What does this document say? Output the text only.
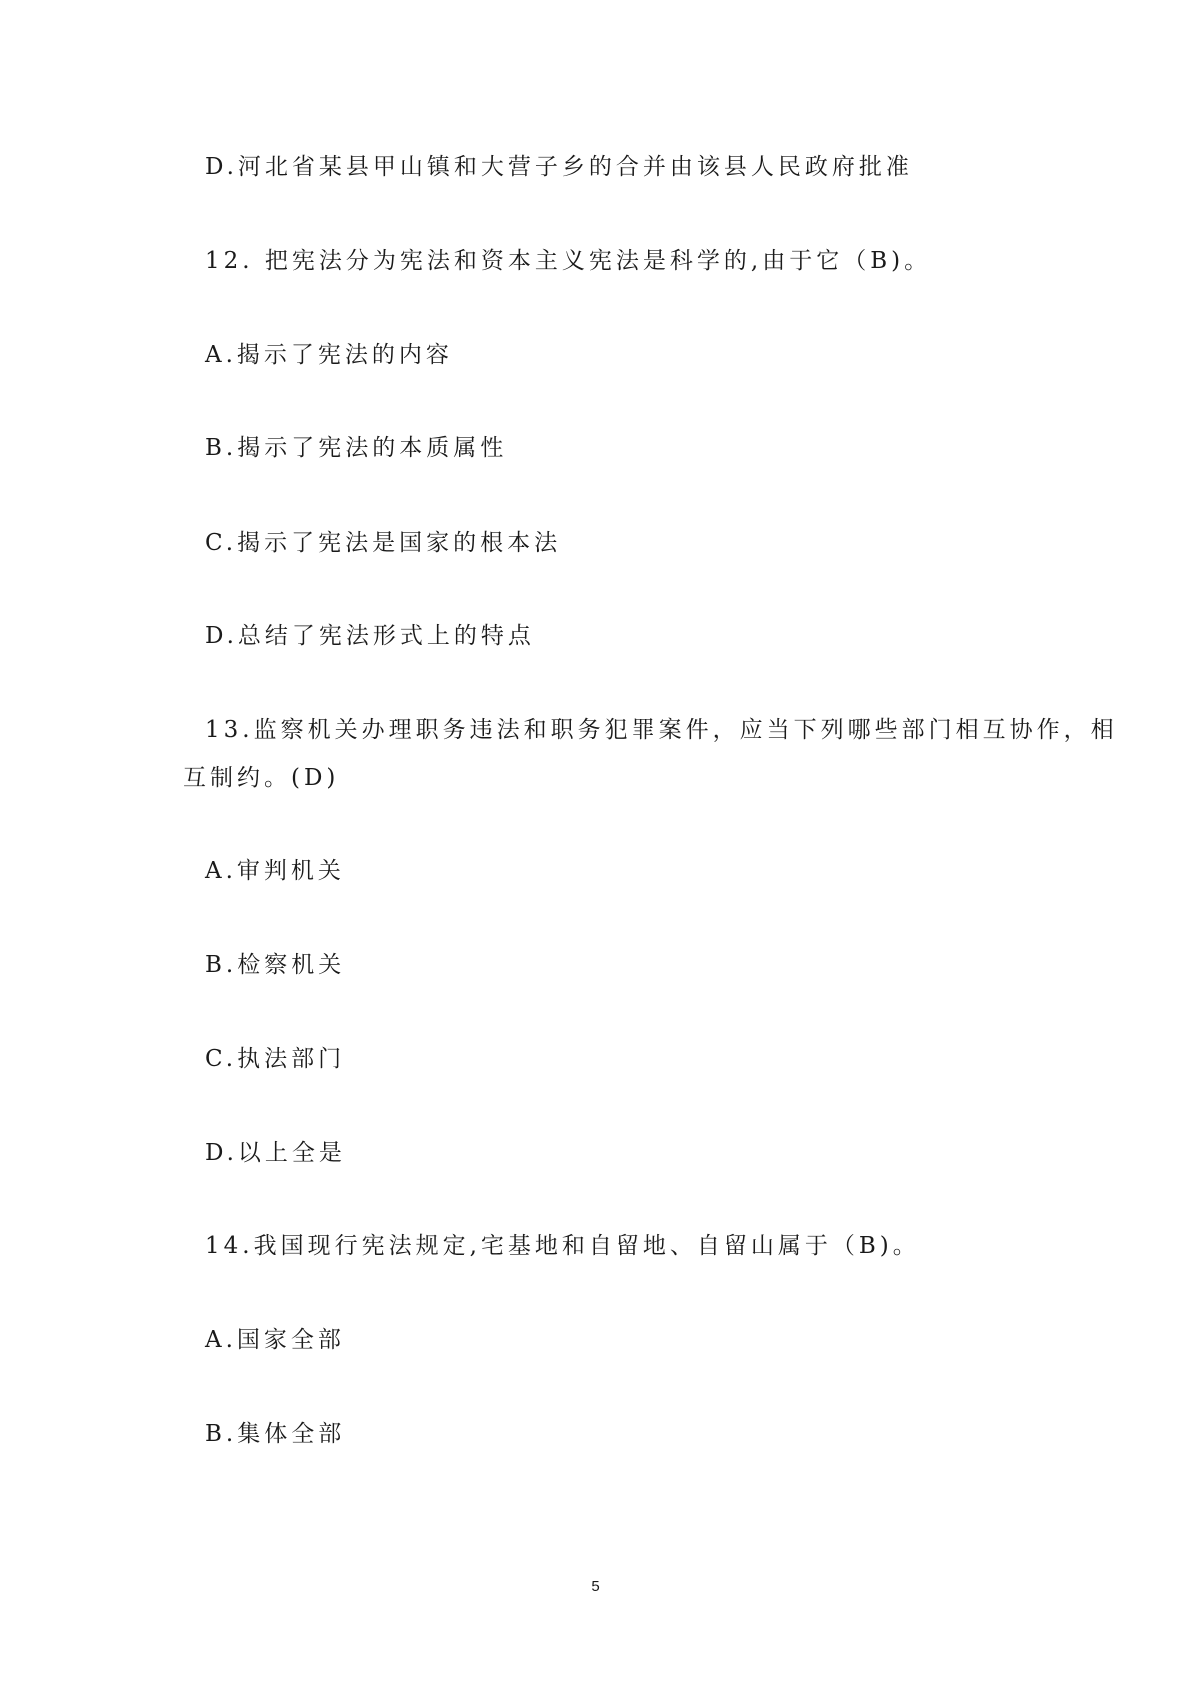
D.河北省某县甲山镇和大营子乡的合并由该县人民政府批准
12. 把宪法分为宪法和资本主义宪法是科学的,由于它（B)。
A.揭示了宪法的内容
B.揭示了宪法的本质属性
C.揭示了宪法是国家的根本法
D.总结了宪法形式上的特点
13.监察机关办理职务违法和职务犯罪案件，应当下列哪些部门相互协作，相
互制约。(D)
A.审判机关
B.检察机关
C.执法部门
D.以上全是
14.我国现行宪法规定,宅基地和自留地、自留山属于（B)。
A.国家全部
B.集体全部
5
